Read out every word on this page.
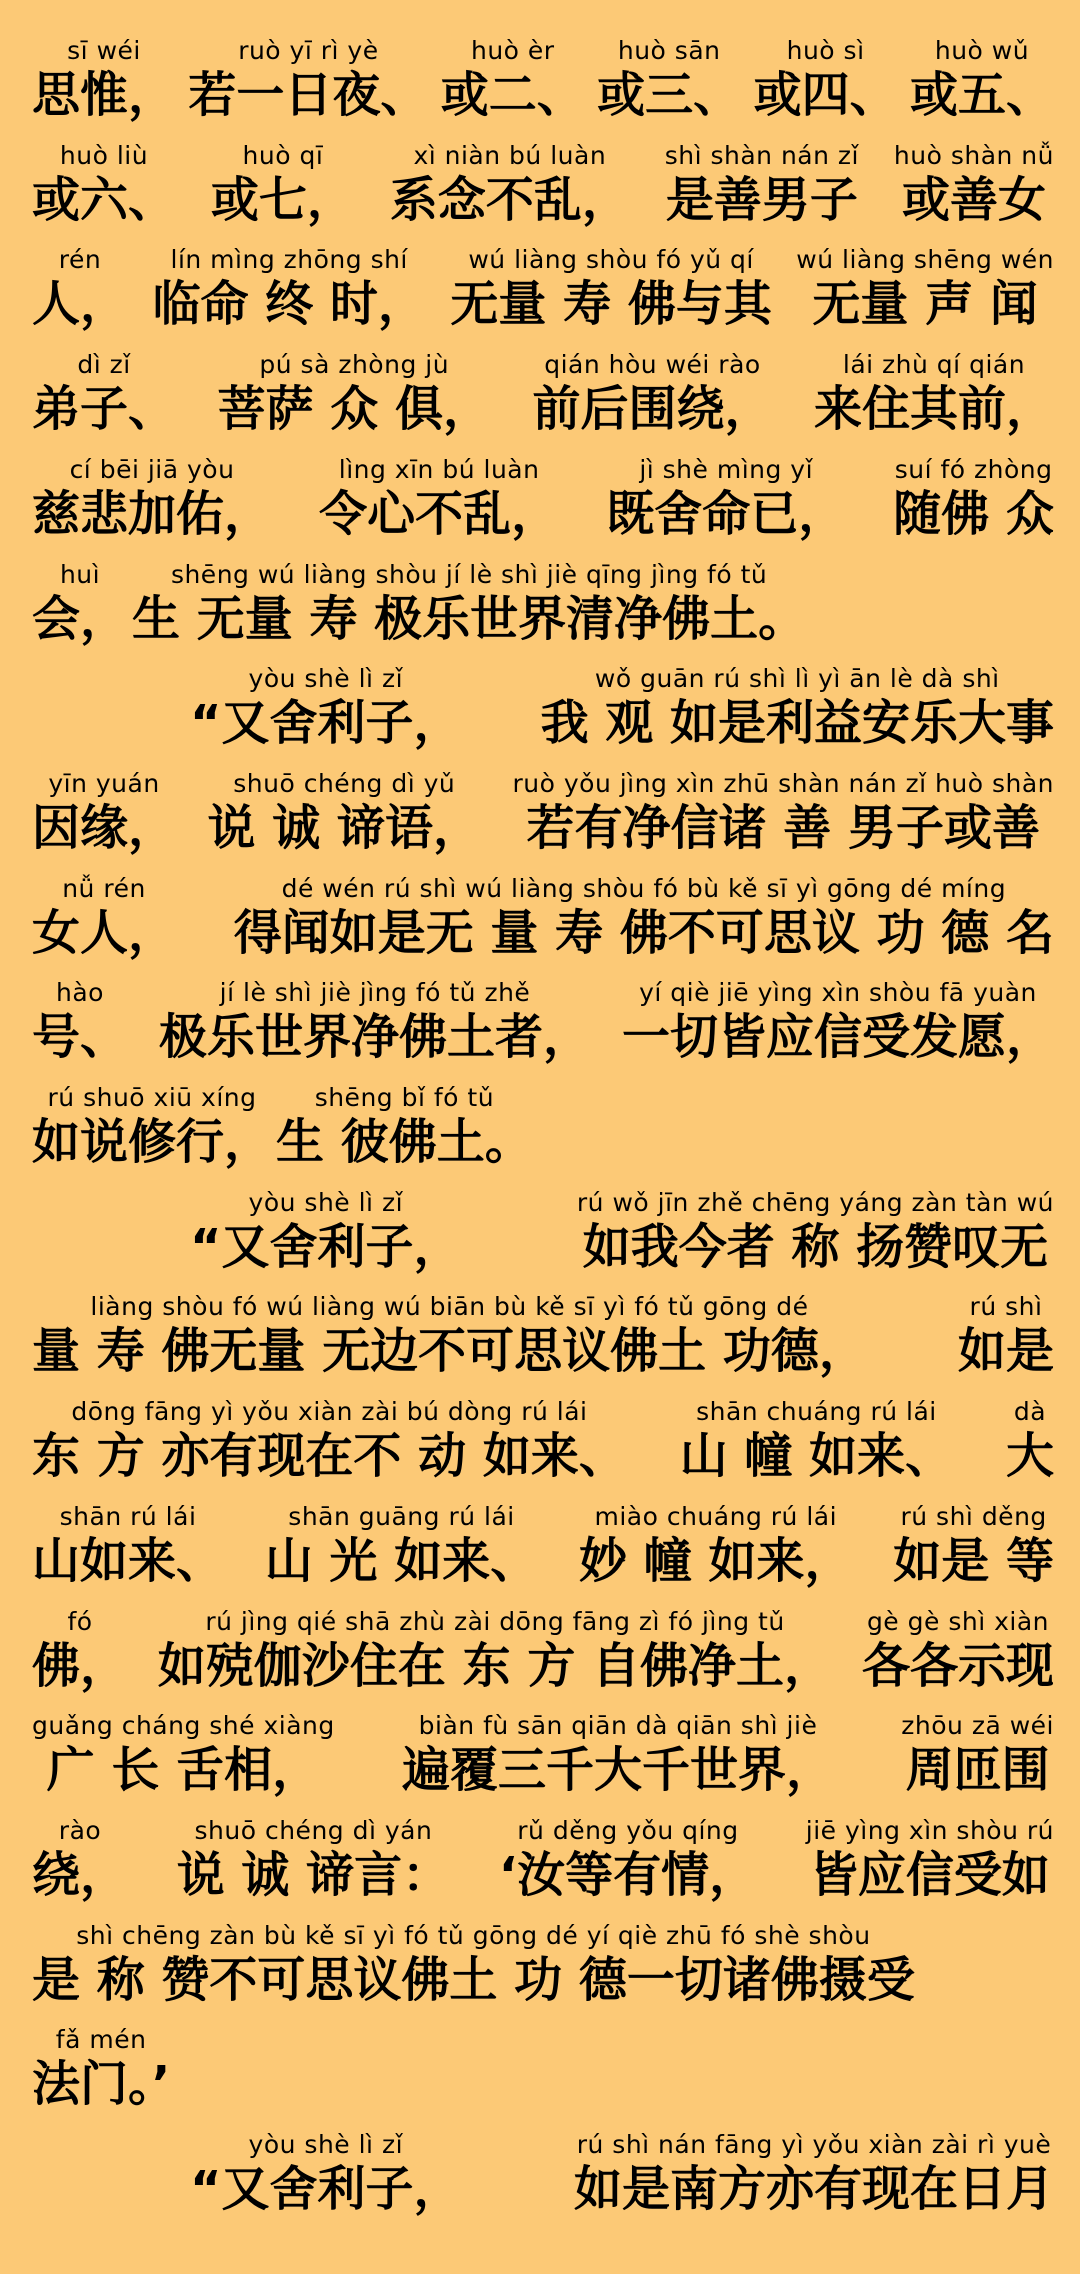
sī wéi
思惟，
ruò yī rì yè
若一日夜、
huò èr
或二、
huò sān
或三、
huò sì
或四、
huò wǔ
或五、
huò liù
或六、
huò qī
或七，
xì niàn bú luàn
系念不乱，
shì shàn nán zǐ
是善男子
huò shàn nǚ
或善女
rén
人，
lín mìng zhōng shí
临命 终 时，
wú liàng shòu fó yǔ qí
无量 寿 佛与其
wú liàng shēng wén
无量 声 闻
dì zǐ
弟子、
pú sà zhòng jù
菩萨 众 俱，
qián hòu wéi rào
前后围绕，
lái zhù qí qián
来住其前，
cí bēi jiā yòu
慈悲加佑，
lìng xīn bú luàn
令心不乱，
jì shè mìng yǐ
既舍命已，
suí fó zhòng
随佛 众
huì
会，
shēng wú liàng shòu jí lè shì jiè qīng jìng fó tǔ
生 无量 寿 极乐世界清净佛土。
yòu shè lì zǐ
“又舍利子，
wǒ guān rú shì lì yì ān lè dà shì
我 观 如是利益安乐大事
yīn yuán
因缘，
shuō chéng dì yǔ
说 诚 谛语，
ruò yǒu jìng xìn zhū shàn nán zǐ huò shàn
若有净信诸 善 男子或善
nǚ rén
女人，
dé wén rú shì wú liàng shòu fó bù kě sī yì gōng dé míng
得闻如是无 量 寿 佛不可思议 功 德 名
hào
号、
jí lè shì jiè jìng fó tǔ zhě
极乐世界净佛土者，
yí qiè jiē yìng xìn shòu fā yuàn
一切皆应信受发愿，
rú shuō xiū xíng
如说修行，
shēng bǐ fó tǔ
生 彼佛土。
yòu shè lì zǐ
“又舍利子，
rú wǒ jīn zhě chēng yáng zàn tàn wú
如我今者 称 扬赞叹无
liàng shòu fó wú liàng wú biān bù kě sī yì fó tǔ gōng dé
量 寿 佛无量 无边不可思议佛土 功德，
rú shì
如是
dōng fāng yì yǒu xiàn zài bú dòng rú lái
东 方 亦有现在不 动 如来、
shān chuáng rú lái
山 幢 如来、
dà
大
shān rú lái
山如来、
shān guāng rú lái
山 光 如来、
miào chuáng rú lái
妙 幢 如来，
rú shì děng
如是 等
fó
佛，
rú jìng qié shā zhù zài dōng fāng zì fó jìng tǔ
如殑伽沙住在 东 方 自佛净土，
gè gè shì xiàn
各各示现
guǎng cháng shé xiàng
广 长 舌相，
biàn fù sān qiān dà qiān shì jiè
遍覆三千大千世界，
zhōu zā wéi
周匝围
rào
绕，
shuō chéng dì yán
说 诚 谛言：
rǔ děng yǒu qíng
‘汝等有情，
jiē yìng xìn shòu rú
皆应信受如
shì chēng zàn bù kě sī yì fó tǔ gōng dé yí qiè zhū fó shè shòu
是 称 赞不可思议佛土 功 德一切诸佛摄受
fǎ mén
法门。’
yòu shè lì zǐ
“又舍利子，
rú shì nán fāng yì yǒu xiàn zài rì yuè
如是南方亦有现在日月
